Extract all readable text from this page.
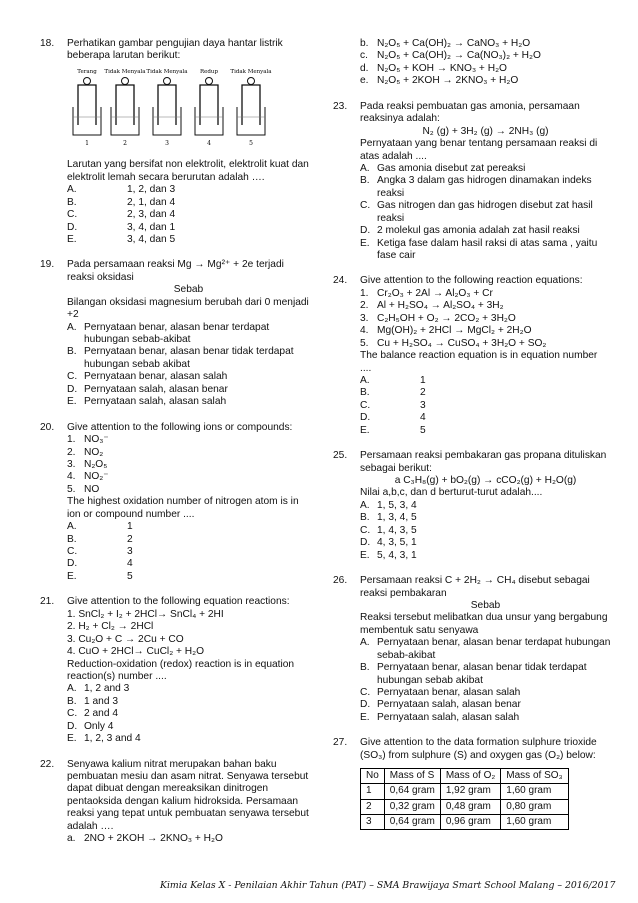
18.	Perhatikan gambar pengujian daya hantar listrik beberapa larutan berikut:
Terang
1
Tidak Menyala
2
Tidak Menyala
3
Redup
4
Tidak Menyala
5
Larutan yang bersifat non elektrolit, elektrolit kuat dan elektrolit lemah secara berurutan adalah ….
A.	1, 2, dan 3
B.	2, 1, dan 4
C.	2, 3, dan 4
D.	3, 4, dan 1
E.	3, 4, dan 5
19.	Pada persamaan reaksi Mg → Mg²⁺ + 2e terjadi reaksi oksidasi
Sebab
Bilangan oksidasi magnesium berubah dari 0 menjadi +2
A. Pernyataan benar, alasan benar terdapat hubungan sebab-akibat
B. Pernyataan benar, alasan benar tidak terdapat hubungan sebab akibat
C. Pernyataan benar, alasan salah
D. Pernyataan salah, alasan benar
E. Pernyataan salah, alasan salah
20.	Give attention to the following ions or compounds:
1. NO₃⁻
2. NO₂
3. N₂O₅
4. NO₂⁻
5. NO
The highest oxidation number of nitrogen atom is in ion or compound number ....
A.	1
B.	2
C.	3
D.	4
E.	5
21.	Give attention to the following equation reactions:
1. SnCl₂ + I₂ + 2HCl→ SnCl₄ + 2HI
2. H₂ + Cl₂ → 2HCl
3. Cu₂O + C → 2Cu + CO
4. CuO + 2HCl→ CuCl₂ + H₂O
Reduction-oxidation (redox) reaction is in equation reaction(s) number ....
A. 1, 2 and 3
B. 1 and 3
C. 2 and 4
D. Only 4
E. 1, 2, 3 and 4
22.	Senyawa kalium nitrat merupakan bahan baku pembuatan mesiu dan asam nitrat. Senyawa tersebut dapat dibuat dengan mereaksikan dinitrogen pentaoksida dengan kalium hidroksida. Persamaan reaksi yang tepat untuk pembuatan senyawa tersebut adalah ….
a. 2NO + 2KOH → 2KNO₃ + H₂O
b. N₂O₅ + Ca(OH)₂ → CaNO₃ + H₂O
c. N₂O₅ + Ca(OH)₂ → Ca(NO₃)₂ + H₂O
d. N₂O₅ + KOH → KNO₃ + H₂O
e. N₂O₅ + 2KOH → 2KNO₃ + H₂O
23.	Pada reaksi pembuatan gas amonia, persamaan reaksinya adalah:
N₂ (g) + 3H₂ (g) → 2NH₃ (g)
Pernyataan yang benar tentang persamaan reaksi di atas adalah ....
A. Gas amonia disebut zat pereaksi
B. Angka 3 dalam gas hidrogen dinamakan indeks reaksi
C. Gas nitrogen dan gas hidrogen disebut zat hasil reaksi
D. 2 molekul gas amonia adalah zat hasil reaksi
E. Ketiga fase dalam hasil raksi di atas sama , yaitu fase cair
24.	Give attention to the following reaction equations:
1. Cr₂O₃ + 2Al → Al₂O₃ + Cr
2. Al + H₂SO₄ → Al₂SO₄ + 3H₂
3. C₂H₅OH + O₂ → 2CO₂ + 3H₂O
4. Mg(OH)₂ + 2HCl → MgCl₂ + 2H₂O
5. Cu + H₂SO₄ → CuSO₄ + 3H₂O + SO₂
The balance reaction equation is in equation number ....
A.	1
B.	2
C.	3
D.	4
E.	5
25.	Persamaan reaksi pembakaran gas propana dituliskan sebagai berikut:
a C₃H₈(g) + bO₂(g) → cCO₂(g) + H₂O(g)
Nilai a,b,c, dan d berturut-turut adalah....
A. 1, 5, 3, 4
B. 1, 3, 4, 5
C. 1, 4, 3, 5
D. 4, 3, 5, 1
E. 5, 4, 3, 1
26.	Persamaan reaksi C + 2H₂ → CH₄ disebut sebagai reaksi pembakaran
Sebab
Reaksi tersebut melibatkan dua unsur yang bergabung membentuk satu senyawa
A. Pernyataan benar, alasan benar terdapat hubungan sebab-akibat
B. Pernyataan benar, alasan benar tidak terdapat hubungan sebab akibat
C. Pernyataan benar, alasan salah
D. Pernyataan salah, alasan benar
E. Pernyataan salah, alasan salah
27.	Give attention to the data formation sulphure trioxide (SO₃) from sulphure (S) and oxygen gas (O₂) below:
No	Mass of S	Mass of O₂	Mass of SO₃
1	0,64 gram	1,92 gram	1,60 gram
2	0,32 gram	0,48 gram	0,80 gram
3	0,64 gram	0,96 gram	1,60 gram
Kimia Kelas X - Penilaian Akhir Tahun (PAT) – SMA Brawijaya Smart School Malang – 2016/2017
